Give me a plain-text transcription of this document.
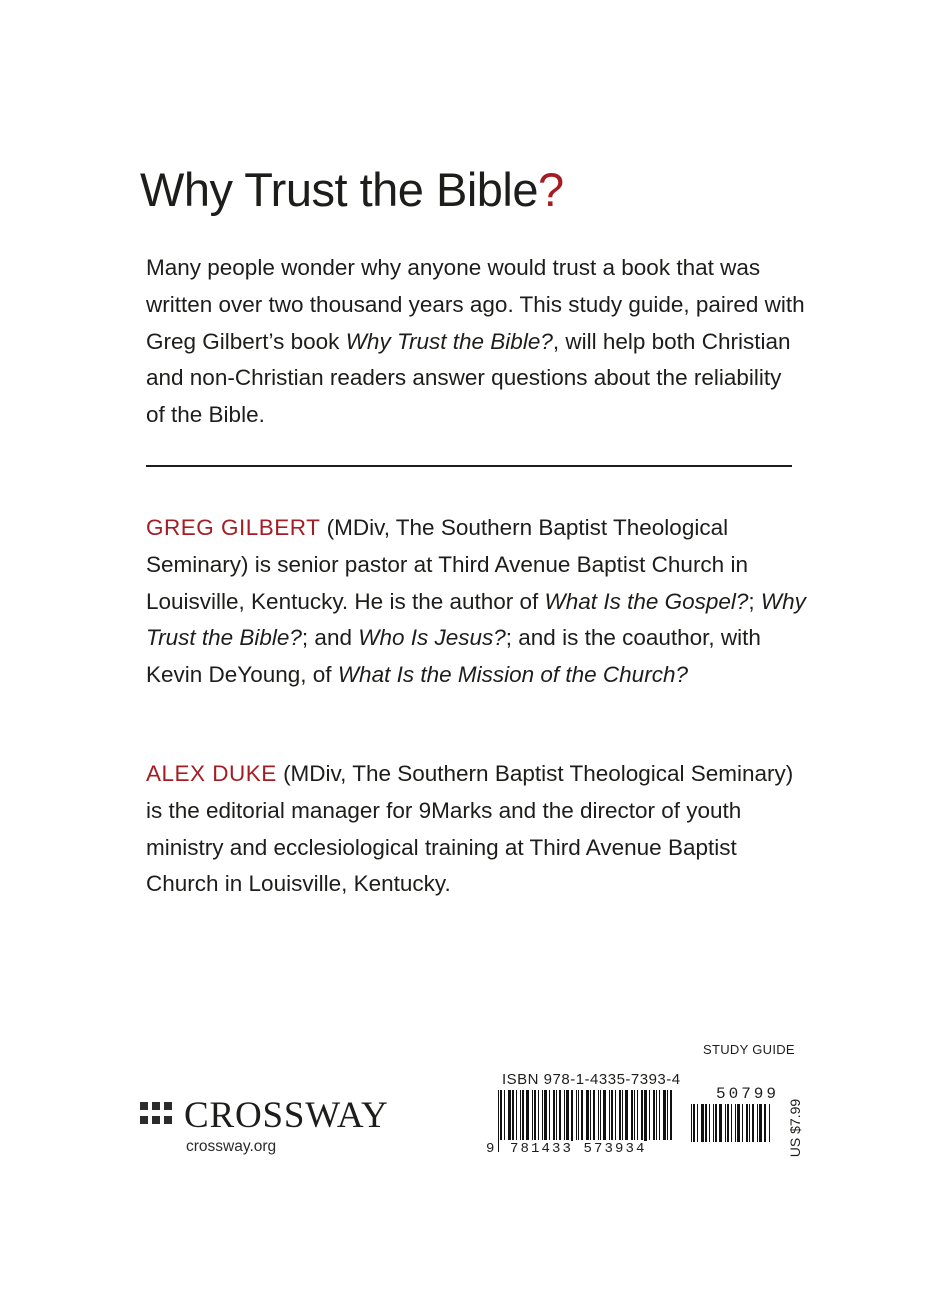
Why Trust the Bible?

Many people wonder why anyone would trust a book that was written over two thousand years ago. This study guide, paired with Greg Gilbert’s book Why Trust the Bible?, will help both Christian and non-Christian readers answer questions about the reliability of the Bible.

GREG GILBERT (MDiv, The Southern Baptist Theological Seminary) is senior pastor at Third Avenue Baptist Church in Louisville, Kentucky. He is the author of What Is the Gospel?; Why Trust the Bible?; and Who Is Jesus?; and is the coauthor, with Kevin DeYoung, of What Is the Mission of the Church?

ALEX DUKE (MDiv, The Southern Baptist Theological Seminary) is the editorial manager for 9Marks and the director of youth ministry and ecclesiological training at Third Avenue Baptist Church in Louisville, Kentucky.

STUDY GUIDE
CROSSWAY
crossway.org
ISBN 978-1-4335-7393-4
9 781433 573934
50799
US $7.99
